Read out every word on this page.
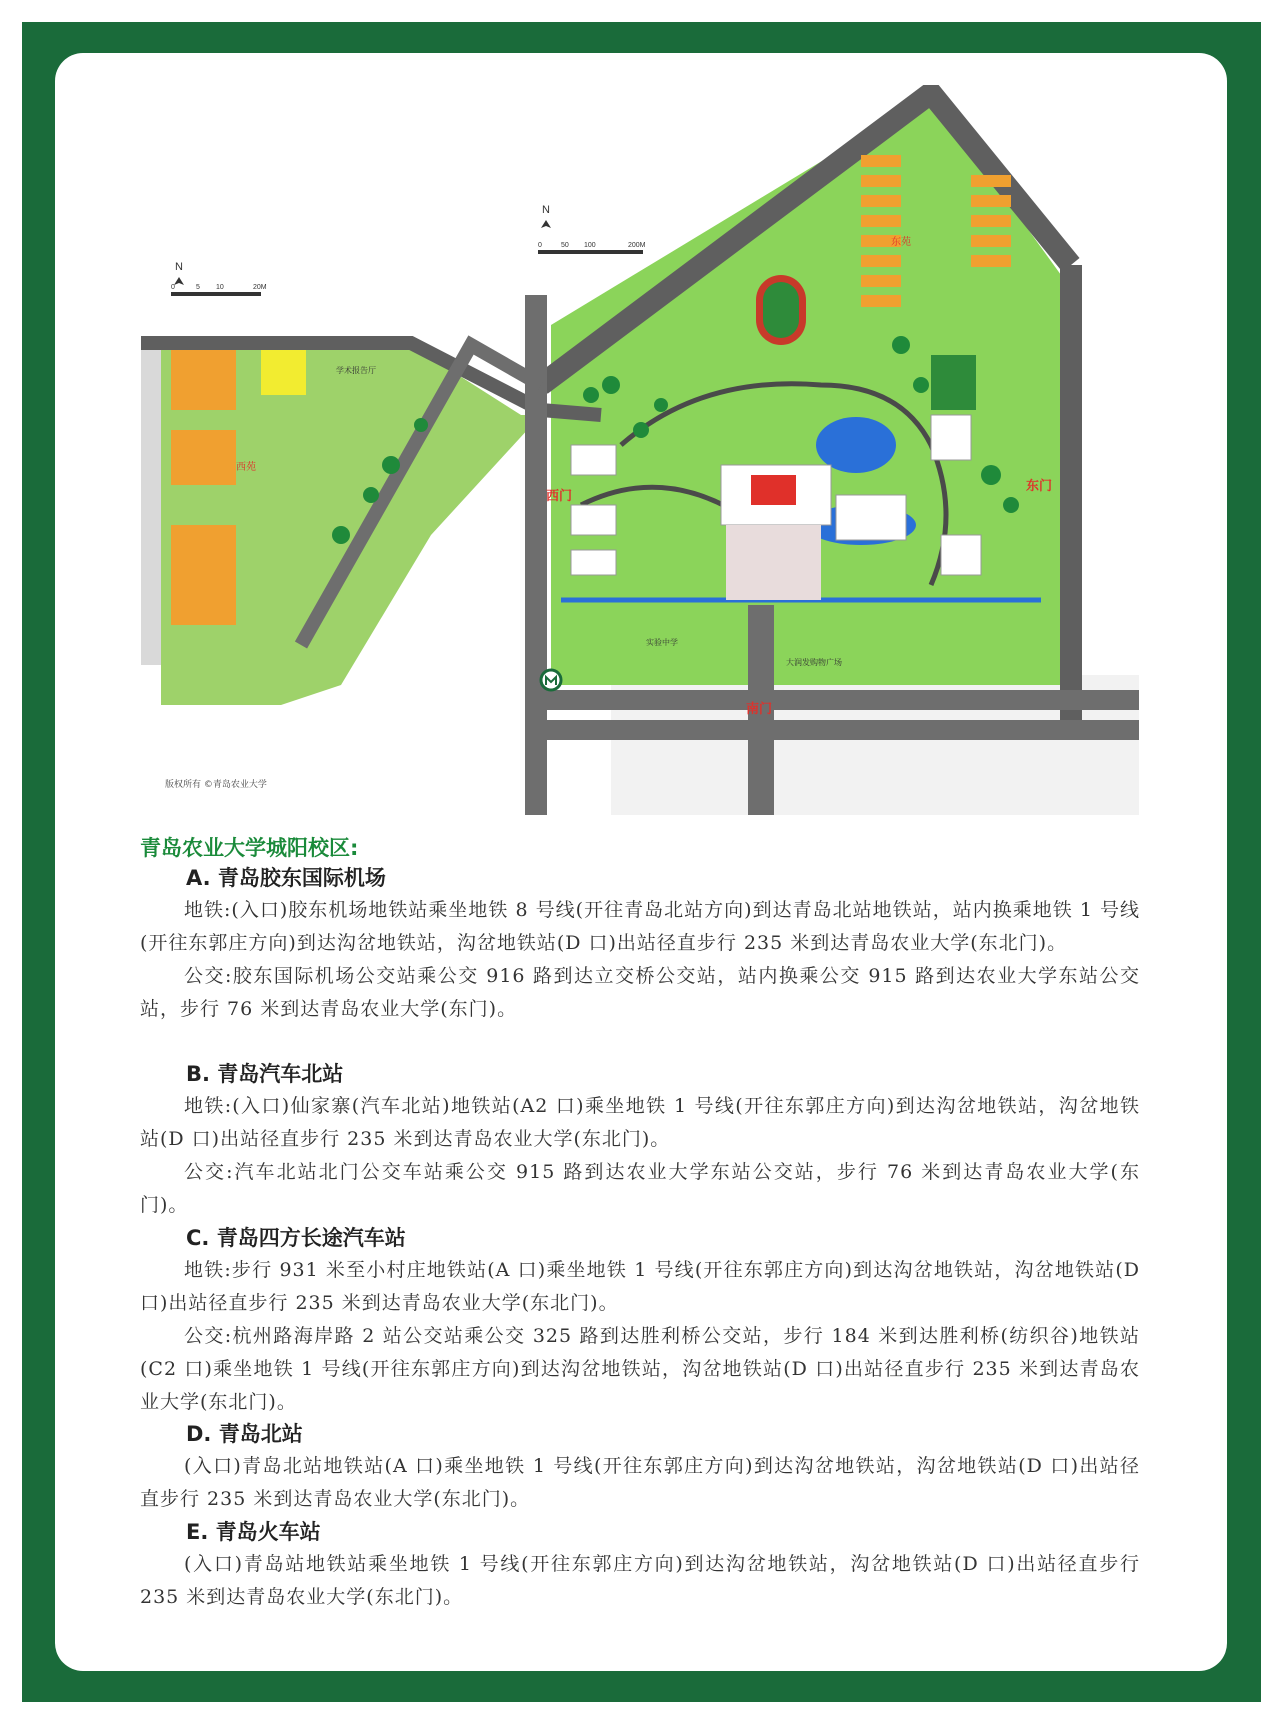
西门
东门
南门
东苑
西苑
学术报告厅
实验中学
大润发购物广场
N
0	5 10	20M
N
0	50 100	200M
版权所有 ©青岛农业大学
青岛农业大学城阳校区:
A. 青岛胶东国际机场

地铁:(入口)胶东机场地铁站乘坐地铁 8 号线(开往青岛北站方向)到达青岛北站地铁站，站内换乘地铁 1 号线(开往东郭庄方向)到达沟岔地铁站，沟岔地铁站(D 口)出站径直步行 235 米到达青岛农业大学(东北门)。

公交:胶东国际机场公交站乘公交 916 路到达立交桥公交站，站内换乘公交 915 路到达农业大学东站公交站，步行 76 米到达青岛农业大学(东门)。

B. 青岛汽车北站

地铁:(入口)仙家寨(汽车北站)地铁站(A2 口)乘坐地铁 1 号线(开往东郭庄方向)到达沟岔地铁站，沟岔地铁站(D 口)出站径直步行 235 米到达青岛农业大学(东北门)。

公交:汽车北站北门公交车站乘公交 915 路到达农业大学东站公交站，步行 76 米到达青岛农业大学(东门)。

C. 青岛四方长途汽车站

地铁:步行 931 米至小村庄地铁站(A 口)乘坐地铁 1 号线(开往东郭庄方向)到达沟岔地铁站，沟岔地铁站(D 口)出站径直步行 235 米到达青岛农业大学(东北门)。

公交:杭州路海岸路 2 站公交站乘公交 325 路到达胜利桥公交站，步行 184 米到达胜利桥(纺织谷)地铁站(C2 口)乘坐地铁 1 号线(开往东郭庄方向)到达沟岔地铁站，沟岔地铁站(D 口)出站径直步行 235 米到达青岛农业大学(东北门)。

D. 青岛北站

(入口)青岛北站地铁站(A 口)乘坐地铁 1 号线(开往东郭庄方向)到达沟岔地铁站，沟岔地铁站(D 口)出站径直步行 235 米到达青岛农业大学(东北门)。

E. 青岛火车站

(入口)青岛站地铁站乘坐地铁 1 号线(开往东郭庄方向)到达沟岔地铁站，沟岔地铁站(D 口)出站径直步行 235 米到达青岛农业大学(东北门)。
